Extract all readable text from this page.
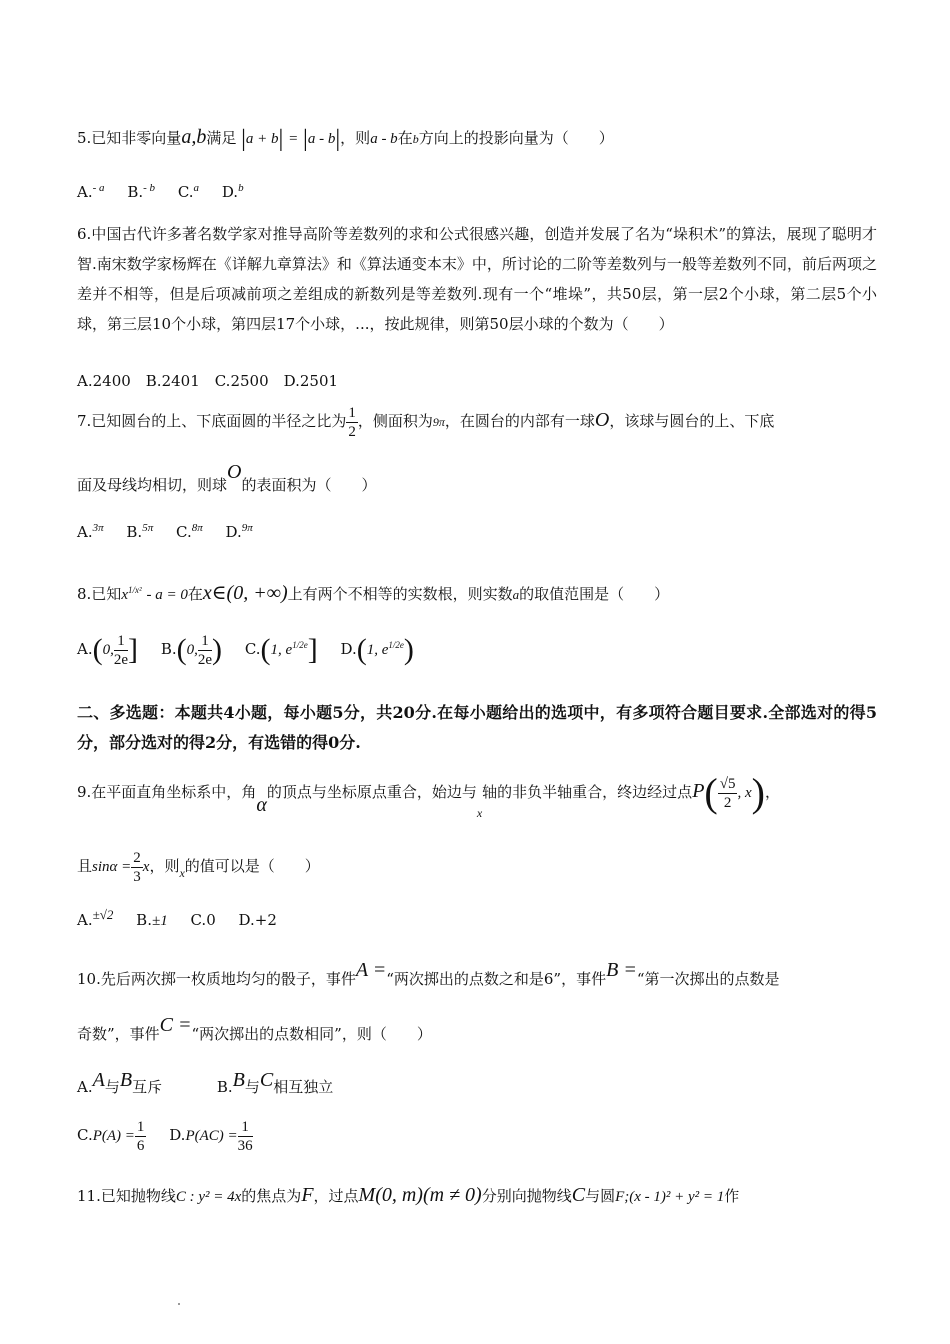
5.已知非零向量a,b满足 |a + b| = |a - b|，则a - b在b方向上的投影向量为（　　）
A.$^{- a}$ B.$^{- b}$ C.$^a$ D.$^b$
6.中国古代许多著名数学家对推导高阶等差数列的求和公式很感兴趣，创造并发展了名为“垛积术”的算法，展现了聪明才智.南宋数学家杨辉在《详解九章算法》和《算法通变本末》中，所讨论的二阶等差数列与一般等差数列不同，前后两项之差并不相等，但是后项减前项之差组成的新数列是等差数列.现有一个“堆垛”，共50层，第一层2个小球，第二层5个小球，第三层10个小球，第四层17个小球，...，按此规律，则第50层小球的个数为（　　）
A.2400　B.2401　C.2500　D.2501
7.已知圆台的上、下底面圆的半径之比为 $\frac{1}{2}$ ，侧面积为9π，在圆台的内部有一球O，该球与圆台的上、下底
面及母线均相切，则球O的表面积为（　　）
A.$^{3\pi}$ B.$^{5\pi}$ C.$^{8\pi}$ D.$^{9\pi}$
8.已知$x^{1/x^2} - a = 0$在x∈(0, +∞)上有两个不相等的实数根，则实数a的取值范围是（　　）
A.(0, $\frac{1}{2e}$ ] B.(0, $\frac{1}{2e}$ ) C.(1, $e^{1/2e}$] D.(1, $e^{1/2e}$)
二、多选题：本题共4小题，每小题5分，共20分.在每小题给出的选项中，有多项符合题目要求.全部选对的得5分，部分选对的得2分，有选错的得0分.
9.在平面直角坐标系中，角α的顶点与坐标原点重合，始边与$_x$轴的非负半轴重合，终边经过点$P( \frac{√5}{2}$ , x)，
且$\sin\alpha = \frac{2}{3}$ x，则$_x$的值可以是（　　）
A.±√2 B.±1 C.0 D.+2
10.先后两次掷一枚质地均匀的骰子，事件A =“两次掷出的点数之和是6”，事件B =“第一次掷出的点数是
奇数”，事件C =“两次掷出的点数相同”，则（　　）
A.A与B互斥	B.B与C相互独立
$C.P(A) = \frac{1}{6} D.P(AC) = \frac{1}{36}$
11.已知抛物线C : y² = 4x的焦点为F，过点M(0, m)(m ≠ 0)分别向抛物线C与圆F;(x - 1)² + y² = 1作
